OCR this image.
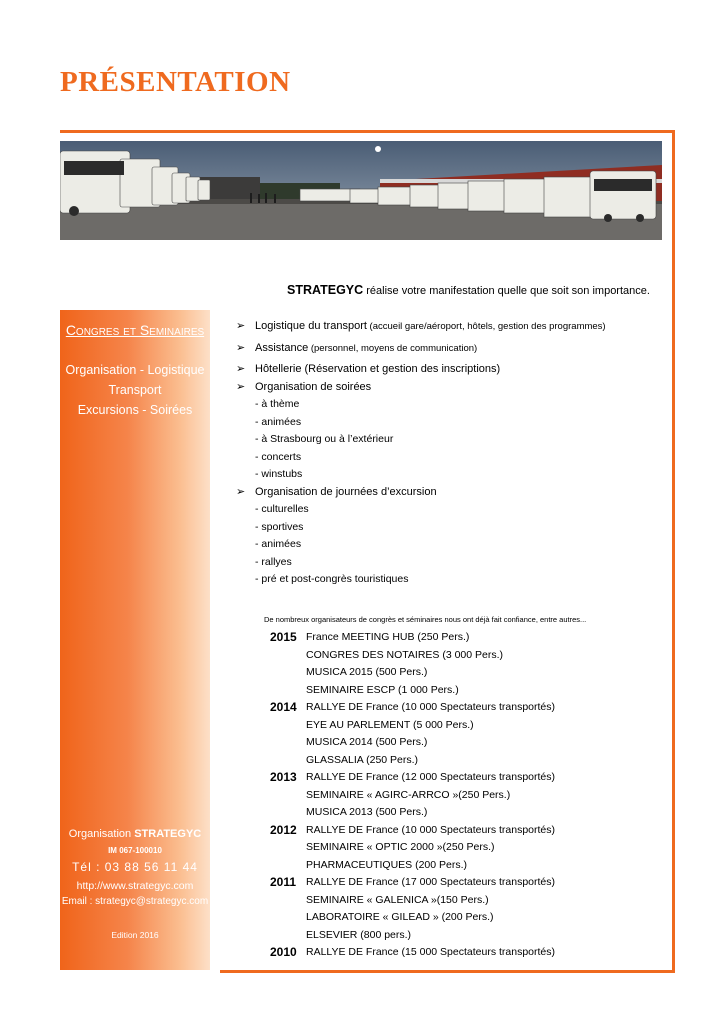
PRÉSENTATION
Congres et Seminaires
Organisation - Logistique
Transport
Excursions - Soirées
Organisation STRATEGYC
IM 067-100010
Tél : 03 88 56 11 44
http://www.strategyc.com
Email : strategyc@strategyc.com
Edition 2016
STRATEGYC réalise votre manifestation quelle que soit son importance.

➢ Logistique du transport (accueil gare/aéroport, hôtels, gestion des programmes)

➢ Assistance (personnel, moyens de communication)

➢ Hôtellerie (Réservation et gestion des inscriptions)

➢ Organisation de soirées

- à thème

- animées

- à Strasbourg ou à l’extérieur

- concerts

- winstubs

➢ Organisation de journées d’excursion

- culturelles

- sportives

- animées

- rallyes

- pré et post-congrès touristiques

De nombreux organisateurs de congrès et séminaires nous ont déjà fait confiance, entre autres...
2015 France MEETING HUB (250 Pers.)
CONGRES DES NOTAIRES (3 000 Pers.)
MUSICA 2015 (500 Pers.)
SEMINAIRE ESCP (1 000 Pers.)
2014 RALLYE DE France (10 000 Spectateurs transportés)
EYE AU PARLEMENT (5 000 Pers.)
MUSICA 2014 (500 Pers.)
GLASSALIA (250 Pers.)
2013 RALLYE DE France (12 000 Spectateurs transportés)
SEMINAIRE « AGIRC-ARRCO »(250 Pers.)
MUSICA 2013 (500 Pers.)
2012 RALLYE DE France (10 000 Spectateurs transportés)
SEMINAIRE « OPTIC 2000 »(250 Pers.)
PHARMACEUTIQUES (200 Pers.)
2011 RALLYE DE France (17 000 Spectateurs transportés)
SEMINAIRE « GALENICA »(150 Pers.)
LABORATOIRE « GILEAD » (200 Pers.)
ELSEVIER (800 pers.)
2010 RALLYE DE France (15 000 Spectateurs transportés)
